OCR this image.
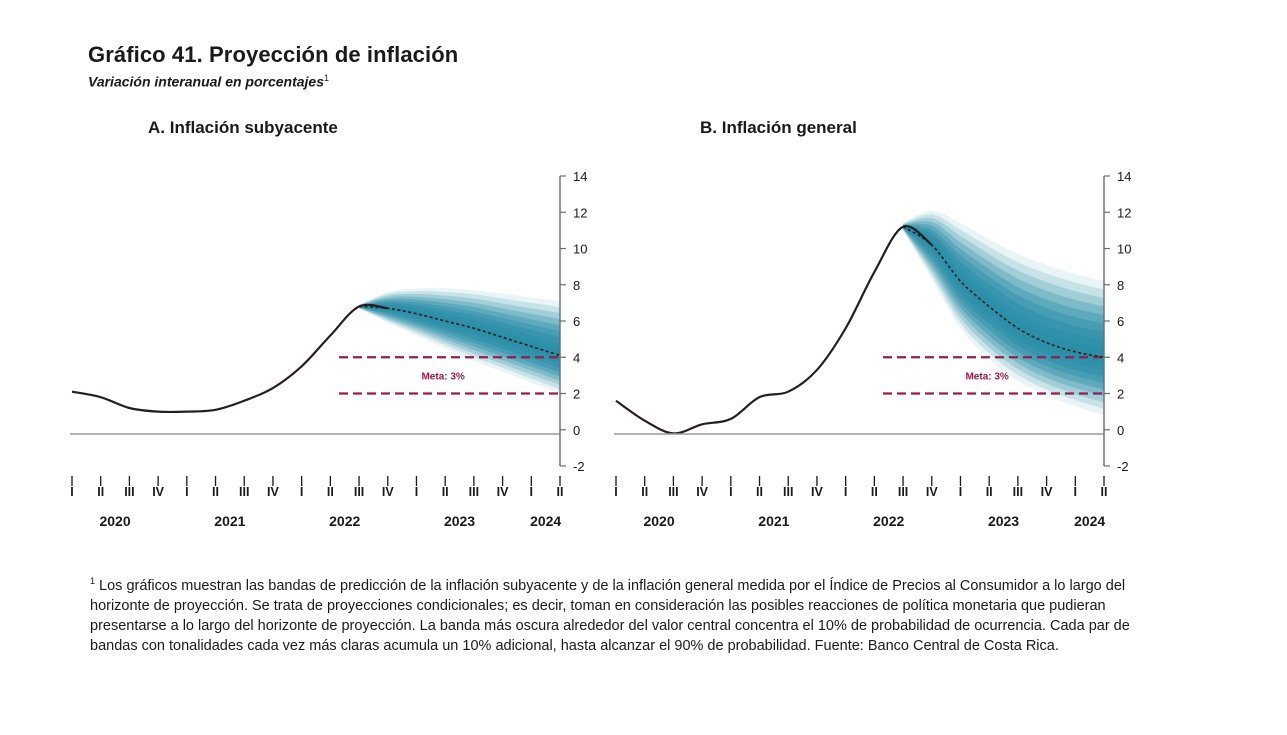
Gráfico 41. Proyección de inflación
Variación interanual en porcentajes$^1$
A. Inflación subyacente	B. Inflación general
Meta: 3%
-2
0
2
4
6
8
10
12
14
I II III IV I II III IV I II III IV I II III IV I II
2020	2021	2022	2023	2024
Meta: 3%
-2
0
2
4
6
8
10
12
14
I II III IV I II III IV I II III IV I II III IV I II
2020	2021	2022	2023	2024
$^1$ Los gráficos muestran las bandas de predicción de la inflación subyacente y de la inflación general medida por el Índice de Precios al Consumidor a lo largo del horizonte de proyección. Se trata de proyecciones condicionales; es decir, toman en consideración las posibles reacciones de política monetaria que pudieran presentarse a lo largo del horizonte de proyección. La banda más oscura alrededor del valor central concentra el 10% de probabilidad de ocurrencia. Cada par de bandas con tonalidades cada vez más claras acumula un 10% adicional, hasta alcanzar el 90% de probabilidad. Fuente: Banco Central de Costa Rica.
